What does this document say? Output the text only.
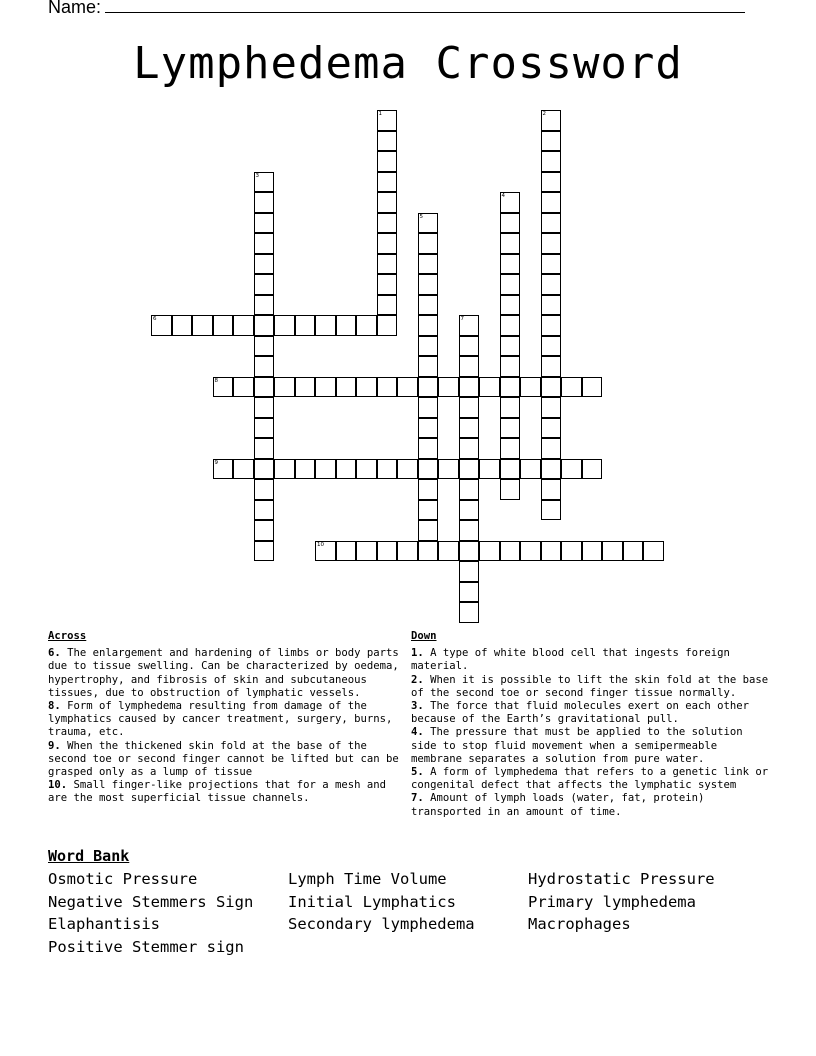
Name:
Lymphedema Crossword
1	2
3
4
5
6	7
8
9
10
Across
6. The enlargement and hardening of limbs or body parts due to tissue swelling. Can be characterized by oedema, hypertrophy, and fibrosis of skin and subcutaneous tissues, due to obstruction of lymphatic vessels.
8. Form of lymphedema resulting from damage of the lymphatics caused by cancer treatment, surgery, burns, trauma, etc.
9. When the thickened skin fold at the base of the second toe or second finger cannot be lifted but can be grasped only as a lump of tissue
10. Small finger-like projections that for a mesh and are the most superficial tissue channels.
Down
1. A type of white blood cell that ingests foreign material.
2. When it is possible to lift the skin fold at the base of the second toe or second finger tissue normally.
3. The force that fluid molecules exert on each other because of the Earth’s gravitational pull.
4. The pressure that must be applied to the solution side to stop fluid movement when a semipermeable membrane separates a solution from pure water.
5. A form of lymphedema that refers to a genetic link or congenital defect that affects the lymphatic system
7. Amount of lymph loads (water, fat, protein) transported in an amount of time.
Word Bank
Osmotic Pressure	Lymph Time Volume	Hydrostatic Pressure
Negative Stemmers Sign Initial Lymphatics	Primary lymphedema
Elaphantisis	Secondary lymphedema	Macrophages
Positive Stemmer sign
